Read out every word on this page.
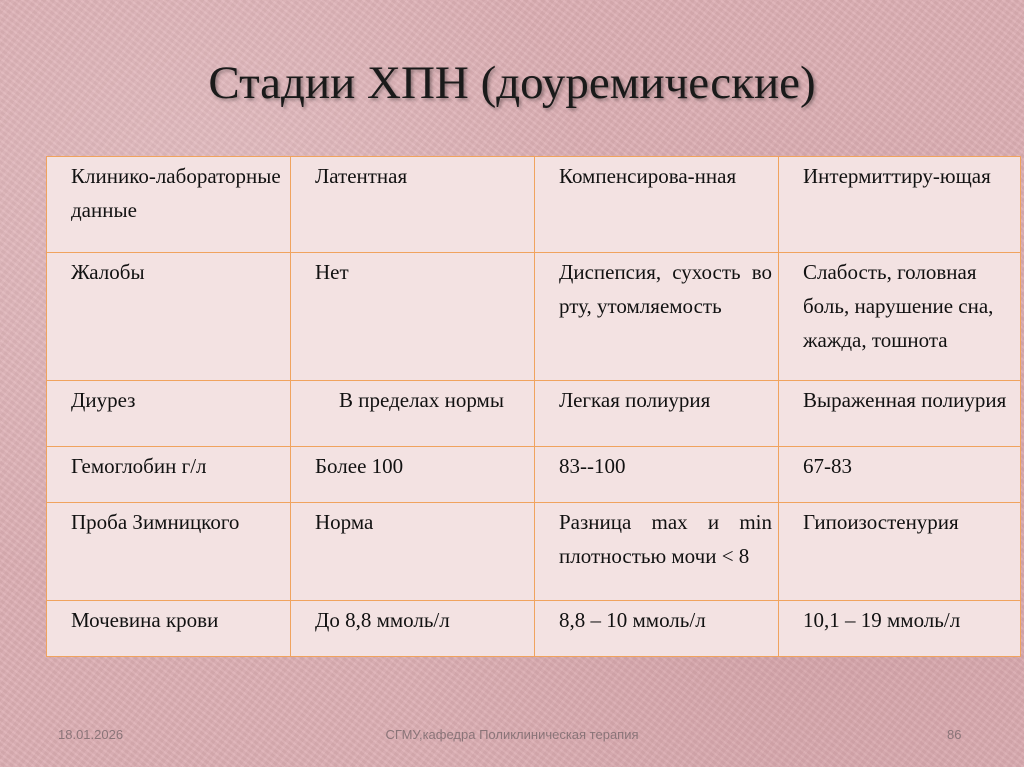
Стадии ХПН (доуремические)
Клинико-лабораторные данные	Латентная	Компенсирова-нная	Интермиттиру-ющая
Жалобы	Нет	Диспепсия, сухость во рту, утомляемость	Слабость, головная боль, нарушение сна, жажда, тошнота
Диурез	В пределах нормы	Легкая полиурия	Выраженная полиурия
Гемоглобин г/л	Более 100	83--100	67-83
Проба Зимницкого	Норма	Разница max и min плотностью мочи < 8	Гипоизостенурия
Мочевина крови	До 8,8 ммоль/л	8,8 – 10 ммоль/л	10,1 – 19 ммоль/л
18.01.2026	СГМУ,кафедра Поликлиническая терапия	86
